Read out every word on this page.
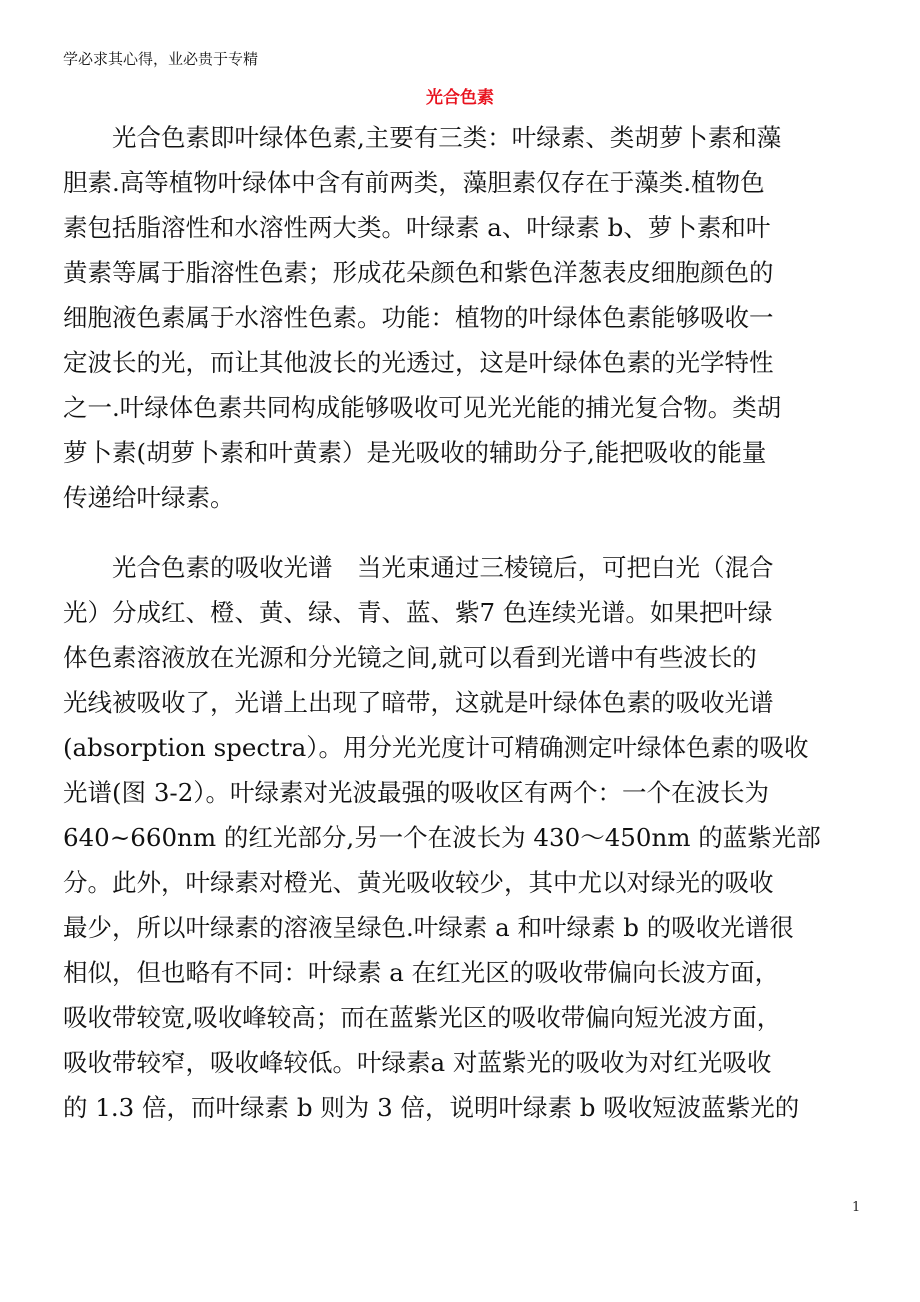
学必求其心得，业必贵于专精
光合色素
　　光合色素即叶绿体色素,主要有三类：叶绿素、类胡萝卜素和藻
胆素.高等植物叶绿体中含有前两类，藻胆素仅存在于藻类.植物色
素包括脂溶性和水溶性两大类。叶绿素 a、叶绿素 b、萝卜素和叶
黄素等属于脂溶性色素；形成花朵颜色和紫色洋葱表皮细胞颜色的
细胞液色素属于水溶性色素。功能：植物的叶绿体色素能够吸收一
定波长的光，而让其他波长的光透过，这是叶绿体色素的光学特性
之一.叶绿体色素共同构成能够吸收可见光光能的捕光复合物。类胡
萝卜素(胡萝卜素和叶黄素）是光吸收的辅助分子,能把吸收的能量
传递给叶绿素。
　　光合色素的吸收光谱　当光束通过三棱镜后，可把白光（混合
光）分成红、橙、黄、绿、青、蓝、紫7 色连续光谱。如果把叶绿
体色素溶液放在光源和分光镜之间,就可以看到光谱中有些波长的
光线被吸收了，光谱上出现了暗带，这就是叶绿体色素的吸收光谱
(absorption spectra）。用分光光度计可精确测定叶绿体色素的吸收
光谱(图 3-2）。叶绿素对光波最强的吸收区有两个：一个在波长为
640~660nm 的红光部分,另一个在波长为 430～450nm 的蓝紫光部
分。此外，叶绿素对橙光、黄光吸收较少，其中尤以对绿光的吸收
最少，所以叶绿素的溶液呈绿色.叶绿素 a 和叶绿素 b 的吸收光谱很
相似，但也略有不同：叶绿素 a 在红光区的吸收带偏向长波方面，
吸收带较宽,吸收峰较高；而在蓝紫光区的吸收带偏向短光波方面，
吸收带较窄，吸收峰较低。叶绿素a 对蓝紫光的吸收为对红光吸收
的 1.3 倍，而叶绿素 b 则为 3 倍，说明叶绿素 b 吸收短波蓝紫光的
1
